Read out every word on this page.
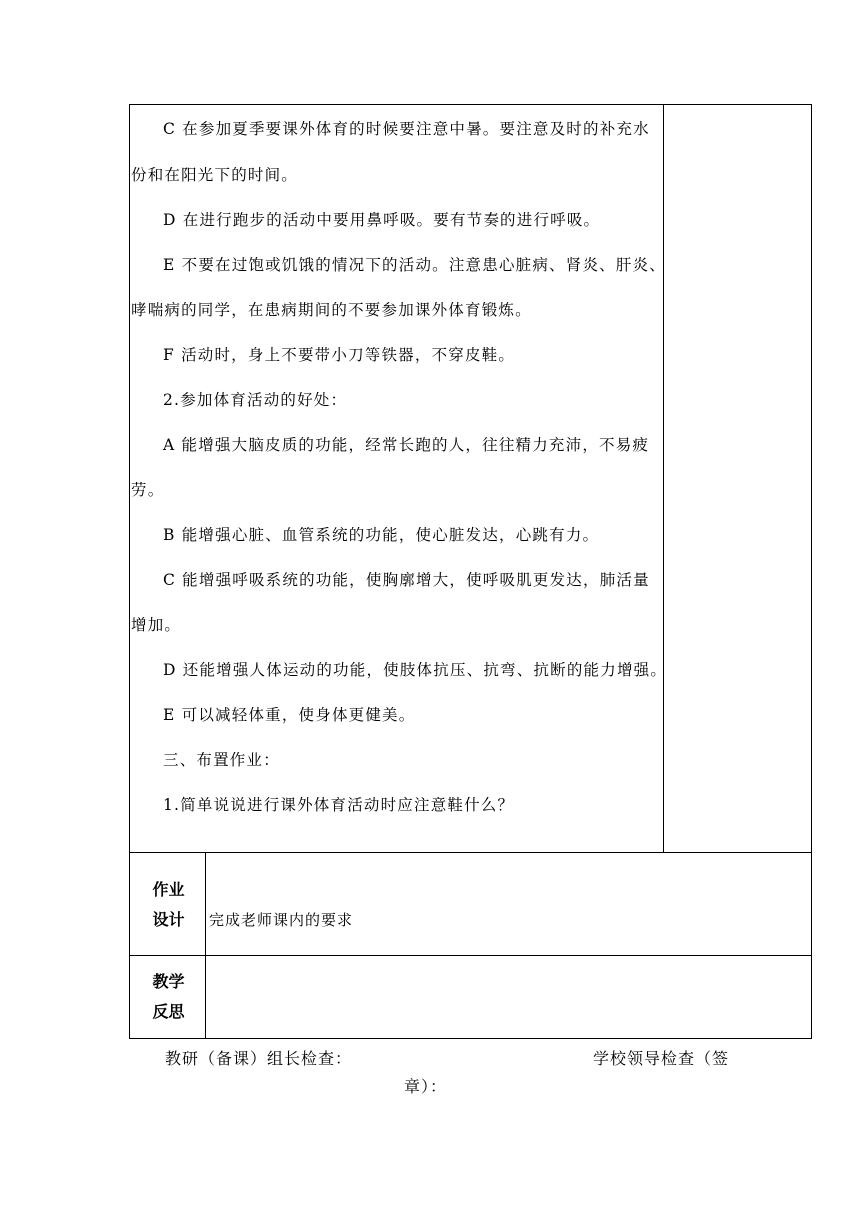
C 在参加夏季要课外体育的时候要注意中暑。要注意及时的补充水
份和在阳光下的时间。
D 在进行跑步的活动中要用鼻呼吸。要有节奏的进行呼吸。
E 不要在过饱或饥饿的情况下的活动。注意患心脏病、肾炎、肝炎、
哮喘病的同学，在患病期间的不要参加课外体育锻炼。
F 活动时，身上不要带小刀等铁器，不穿皮鞋。
2.参加体育活动的好处：
A 能增强大脑皮质的功能，经常长跑的人，往往精力充沛，不易疲
劳。
B 能增强心脏、血管系统的功能，使心脏发达，心跳有力。
C 能增强呼吸系统的功能，使胸廓增大，使呼吸肌更发达，肺活量
增加。
D 还能增强人体运动的功能，使肢体抗压、抗弯、抗断的能力增强。
E 可以减轻体重，使身体更健美。
三、布置作业：
1.简单说说进行课外体育活动时应注意鞋什么？
作业
设计	完成老师课内的要求
教学
反思
教研（备课）组长检查：	学校领导检查（签
章）：
